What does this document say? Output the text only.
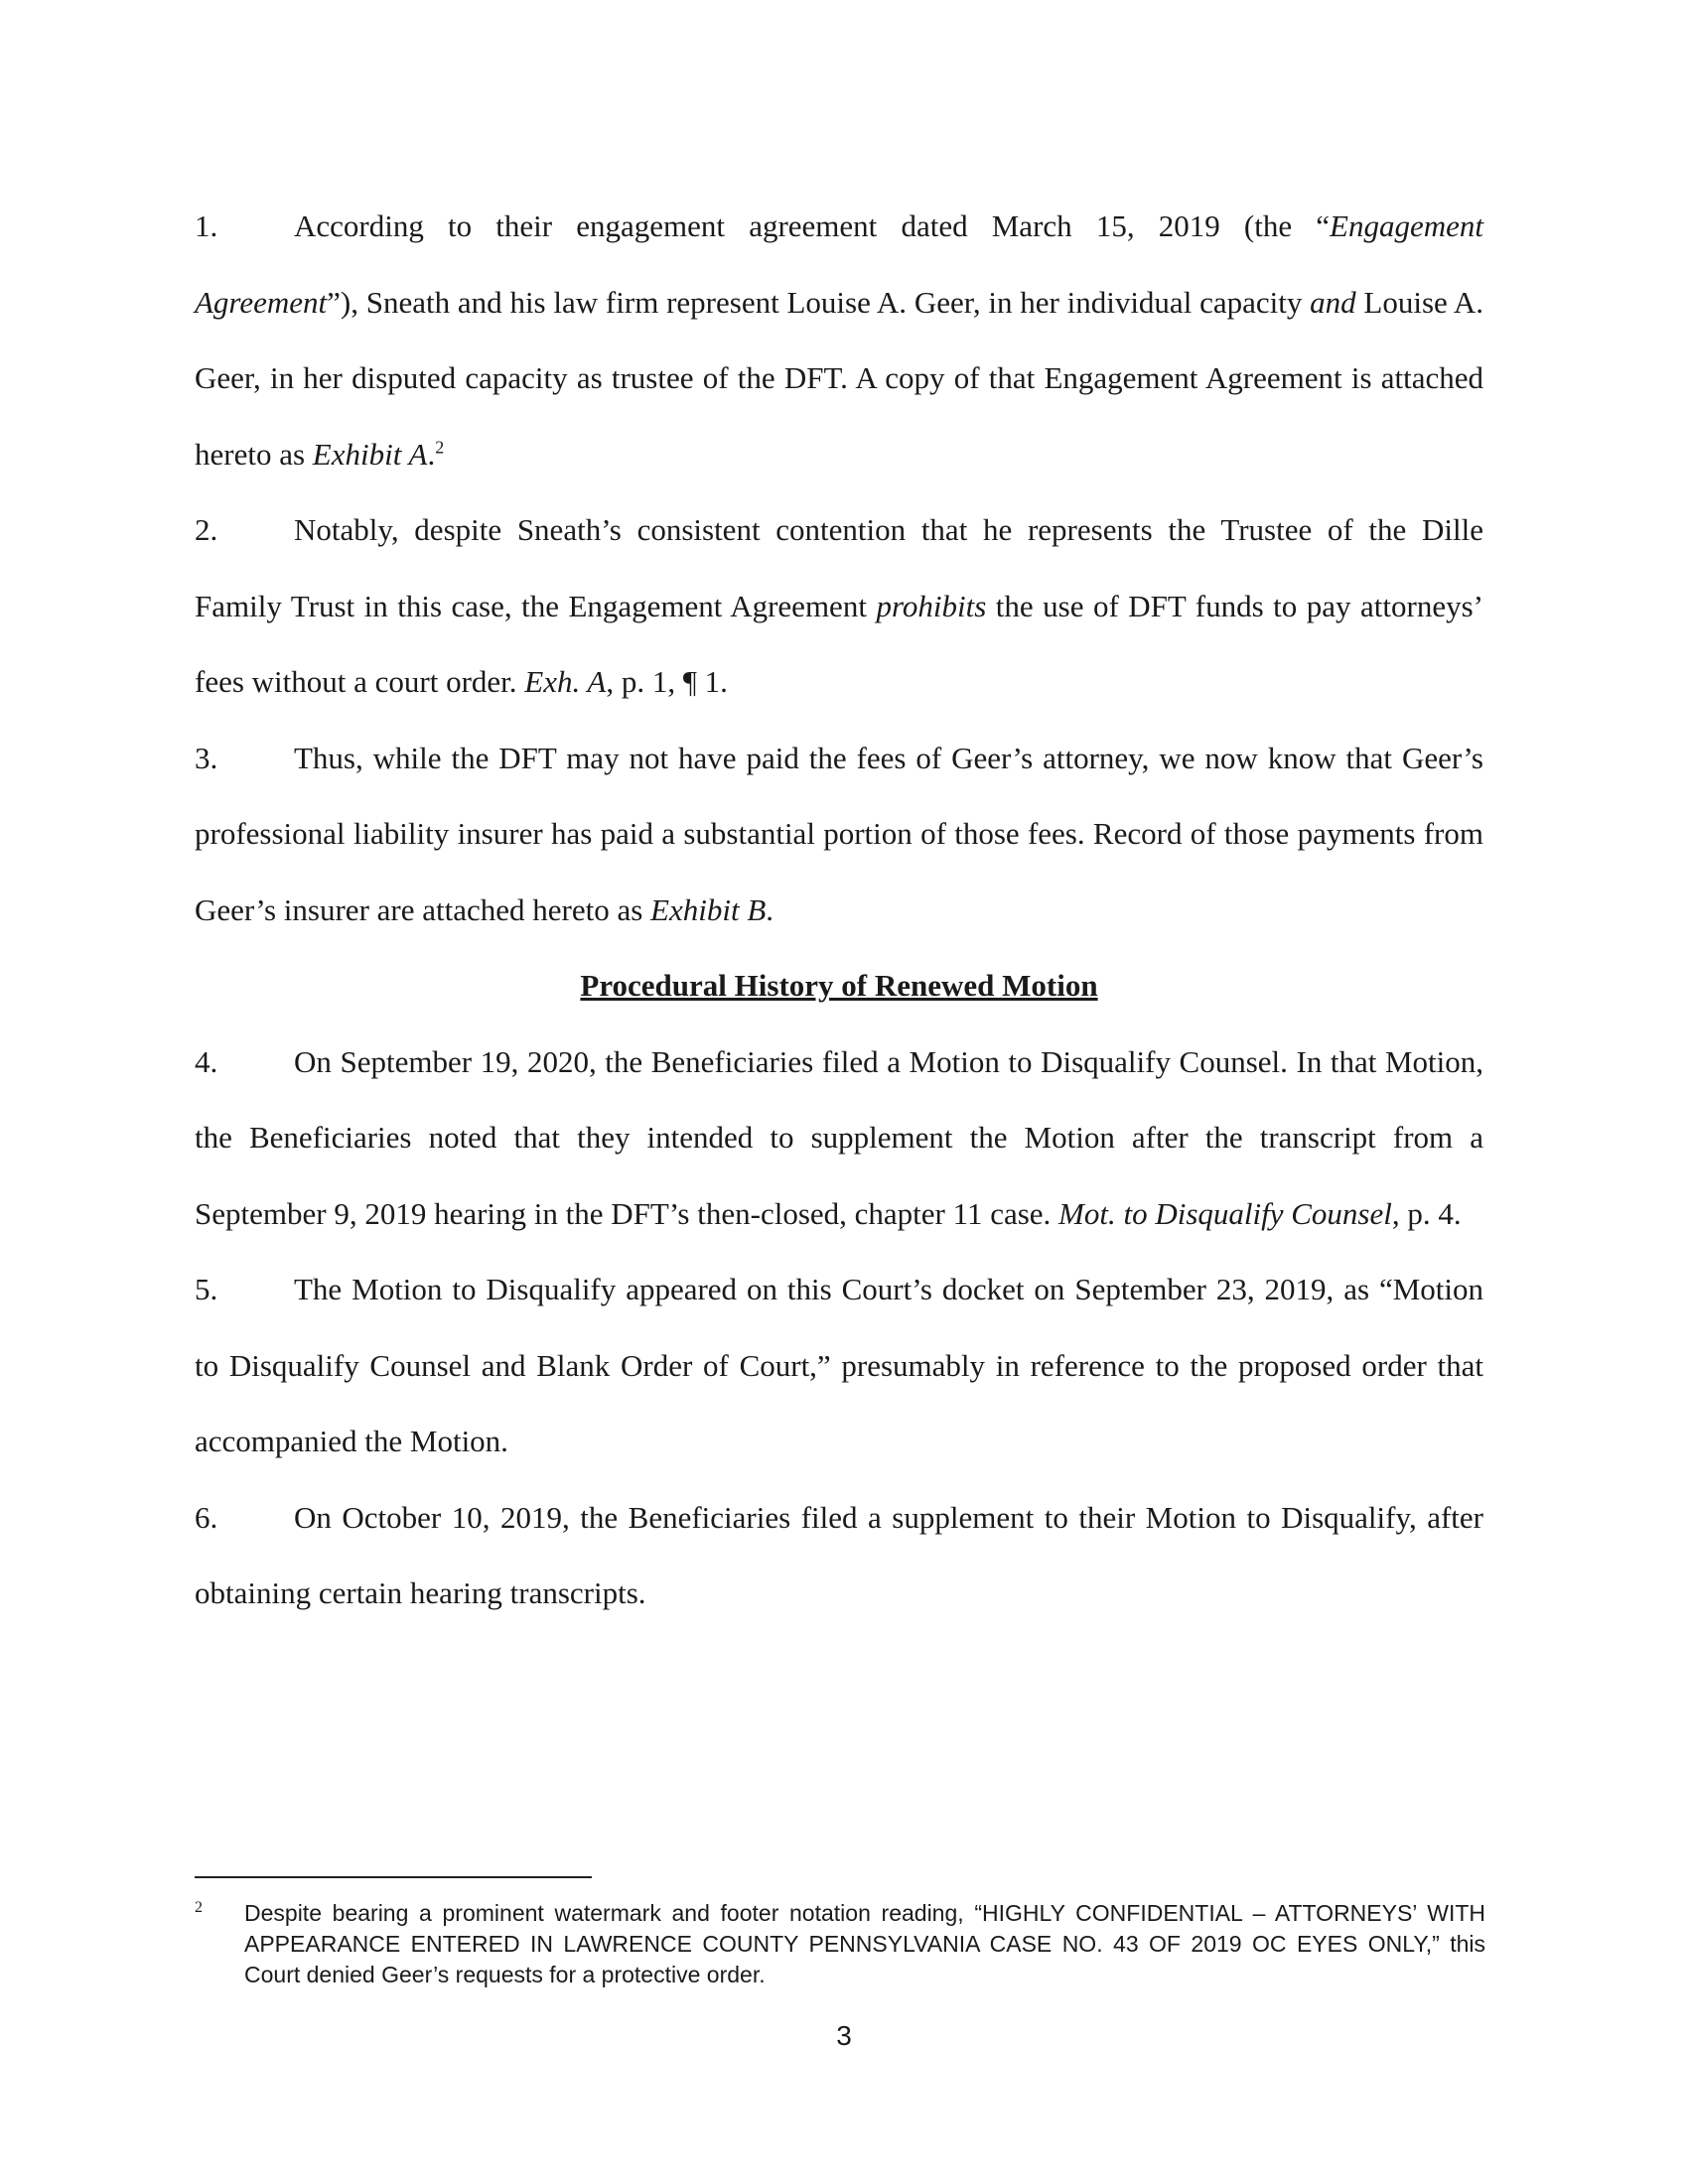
1. According to their engagement agreement dated March 15, 2019 (the “Engagement Agreement”), Sneath and his law firm represent Louise A. Geer, in her individual capacity and Louise A. Geer, in her disputed capacity as trustee of the DFT. A copy of that Engagement Agreement is attached hereto as Exhibit A.$^2$

2. Notably, despite Sneath’s consistent contention that he represents the Trustee of the Dille Family Trust in this case, the Engagement Agreement prohibits the use of DFT funds to pay attorneys’ fees without a court order. Exh. A, p. 1, ¶ 1.

3. Thus, while the DFT may not have paid the fees of Geer’s attorney, we now know that Geer’s professional liability insurer has paid a substantial portion of those fees. Record of those payments from Geer’s insurer are attached hereto as Exhibit B.

Procedural History of Renewed Motion

4. On September 19, 2020, the Beneficiaries filed a Motion to Disqualify Counsel. In that Motion, the Beneficiaries noted that they intended to supplement the Motion after the transcript from a September 9, 2019 hearing in the DFT’s then-closed, chapter 11 case. Mot. to Disqualify Counsel, p. 4.

5. The Motion to Disqualify appeared on this Court’s docket on September 23, 2019, as “Motion to Disqualify Counsel and Blank Order of Court,” presumably in reference to the proposed order that accompanied the Motion.

6. On October 10, 2019, the Beneficiaries filed a supplement to their Motion to Disqualify, after obtaining certain hearing transcripts.

2	Despite bearing a prominent watermark and footer notation reading, “HIGHLY CONFIDENTIAL – ATTORNEYS’ WITH APPEARANCE ENTERED IN LAWRENCE COUNTY PENNSYLVANIA CASE NO. 43 OF 2019 OC EYES ONLY,” this Court denied Geer’s requests for a protective order.
3
